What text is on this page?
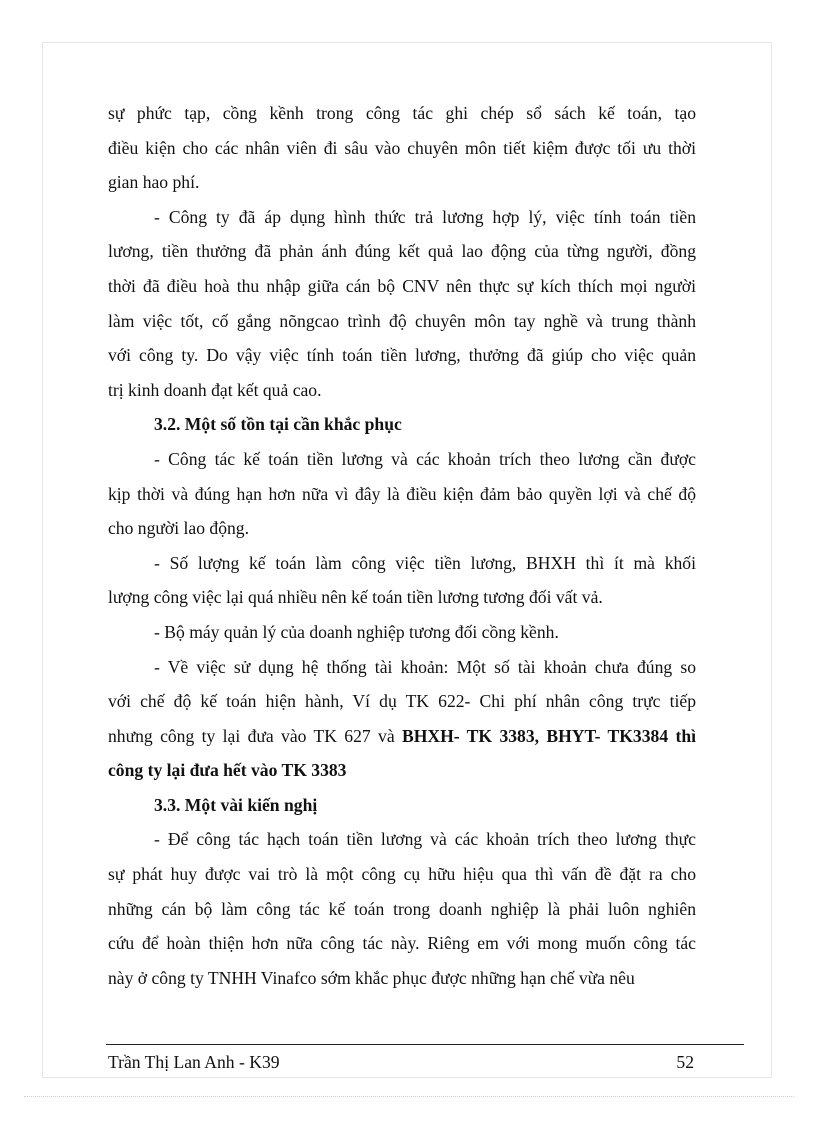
sự phức tạp, cồng kềnh trong công tác ghi chép sổ sách kế toán, tạo
điều kiện cho các nhân viên đi sâu vào chuyên môn tiết kiệm được tối ưu thời
gian hao phí.

- Công ty đã áp dụng hình thức trả lương hợp lý, việc tính toán tiền
lương, tiền thưởng đã phản ánh đúng kết quả lao động của từng người, đồng
thời đã điều hoà thu nhập giữa cán bộ CNV nên thực sự kích thích mọi người
làm việc tốt, cố gắng nõngcao trình độ chuyên môn tay nghề và trung thành
với công ty. Do vậy việc tính toán tiền lương, thưởng đã giúp cho việc quản
trị kinh doanh đạt kết quả cao.

3.2. Một số tồn tại cần khắc phục

- Công tác kế toán tiền lương và các khoản trích theo lương cần được
kịp thời và đúng hạn hơn nữa vì đây là điều kiện đảm bảo quyền lợi và chế độ
cho người lao động.

- Số lượng kế toán làm công việc tiền lương, BHXH thì ít mà khối
lượng công việc lại quá nhiều nên kế toán tiền lương tương đối vất vả.

- Bộ máy quản lý của doanh nghiệp tương đối cồng kềnh.

- Về việc sử dụng hệ thống tài khoản: Một số tài khoản chưa đúng so
với chế độ kế toán hiện hành, Ví dụ TK 622- Chi phí nhân công trực tiếp
nhưng công ty lại đưa vào TK 627 và BHXH- TK 3383, BHYT- TK3384 thì
công ty lại đưa hết vào TK 3383

3.3. Một vài kiến nghị

- Để công tác hạch toán tiền lương và các khoản trích theo lương thực
sự phát huy được vai trò là một công cụ hữu hiệu qua thì vấn đề đặt ra cho
những cán bộ làm công tác kế toán trong doanh nghiệp là phải luôn nghiên
cứu để hoàn thiện hơn nữa công tác này. Riêng em với mong muốn công tác
này ở công ty TNHH Vinafco sớm khắc phục được những hạn chế vừa nêu

Trần Thị Lan Anh - K39	52
